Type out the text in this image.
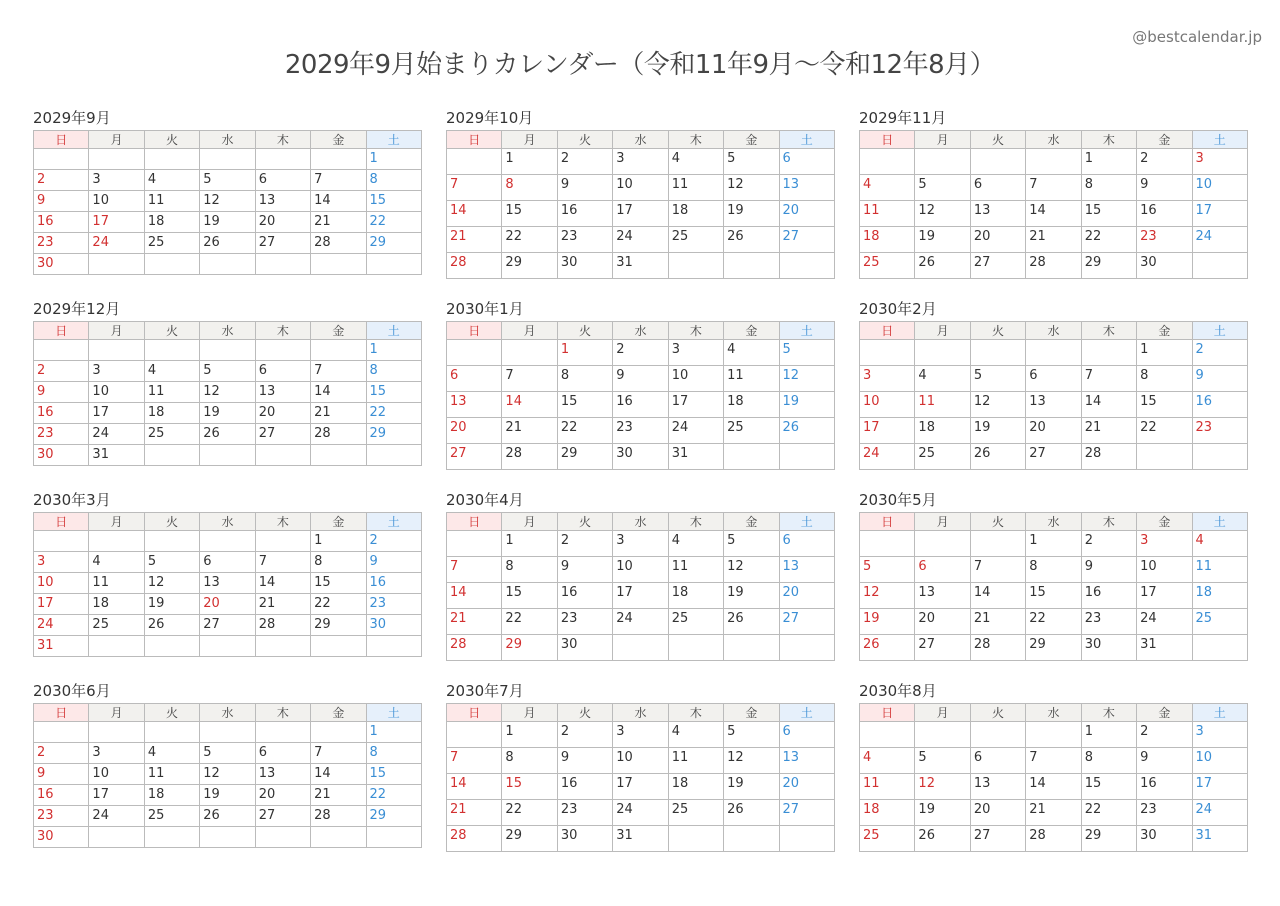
@bestcalendar.jp
2029年9月始まりカレンダー（令和11年9月〜令和12年8月）
2029年9月
日	月	火	水	木	金	土
						1
2	3	4	5	6	7	8
9	10	11	12	13	14	15
16	17	18	19	20	21	22
23	24	25	26	27	28	29
30						
2029年10月
日	月	火	水	木	金	土
	1	2	3	4	5	6
7	8	9	10	11	12	13
14	15	16	17	18	19	20
21	22	23	24	25	26	27
28	29	30	31			
2029年11月
日	月	火	水	木	金	土
				1	2	3
4	5	6	7	8	9	10
11	12	13	14	15	16	17
18	19	20	21	22	23	24
25	26	27	28	29	30	
2029年12月
日	月	火	水	木	金	土
						1
2	3	4	5	6	7	8
9	10	11	12	13	14	15
16	17	18	19	20	21	22
23	24	25	26	27	28	29
30	31					
2030年1月
日	月	火	水	木	金	土
		1	2	3	4	5
6	7	8	9	10	11	12
13	14	15	16	17	18	19
20	21	22	23	24	25	26
27	28	29	30	31		
2030年2月
日	月	火	水	木	金	土
					1	2
3	4	5	6	7	8	9
10	11	12	13	14	15	16
17	18	19	20	21	22	23
24	25	26	27	28		
2030年3月
日	月	火	水	木	金	土
					1	2
3	4	5	6	7	8	9
10	11	12	13	14	15	16
17	18	19	20	21	22	23
24	25	26	27	28	29	30
31						
2030年4月
日	月	火	水	木	金	土
	1	2	3	4	5	6
7	8	9	10	11	12	13
14	15	16	17	18	19	20
21	22	23	24	25	26	27
28	29	30				
2030年5月
日	月	火	水	木	金	土
			1	2	3	4
5	6	7	8	9	10	11
12	13	14	15	16	17	18
19	20	21	22	23	24	25
26	27	28	29	30	31	
2030年6月
日	月	火	水	木	金	土
						1
2	3	4	5	6	7	8
9	10	11	12	13	14	15
16	17	18	19	20	21	22
23	24	25	26	27	28	29
30						
2030年7月
日	月	火	水	木	金	土
	1	2	3	4	5	6
7	8	9	10	11	12	13
14	15	16	17	18	19	20
21	22	23	24	25	26	27
28	29	30	31			
2030年8月
日	月	火	水	木	金	土
				1	2	3
4	5	6	7	8	9	10
11	12	13	14	15	16	17
18	19	20	21	22	23	24
25	26	27	28	29	30	31
